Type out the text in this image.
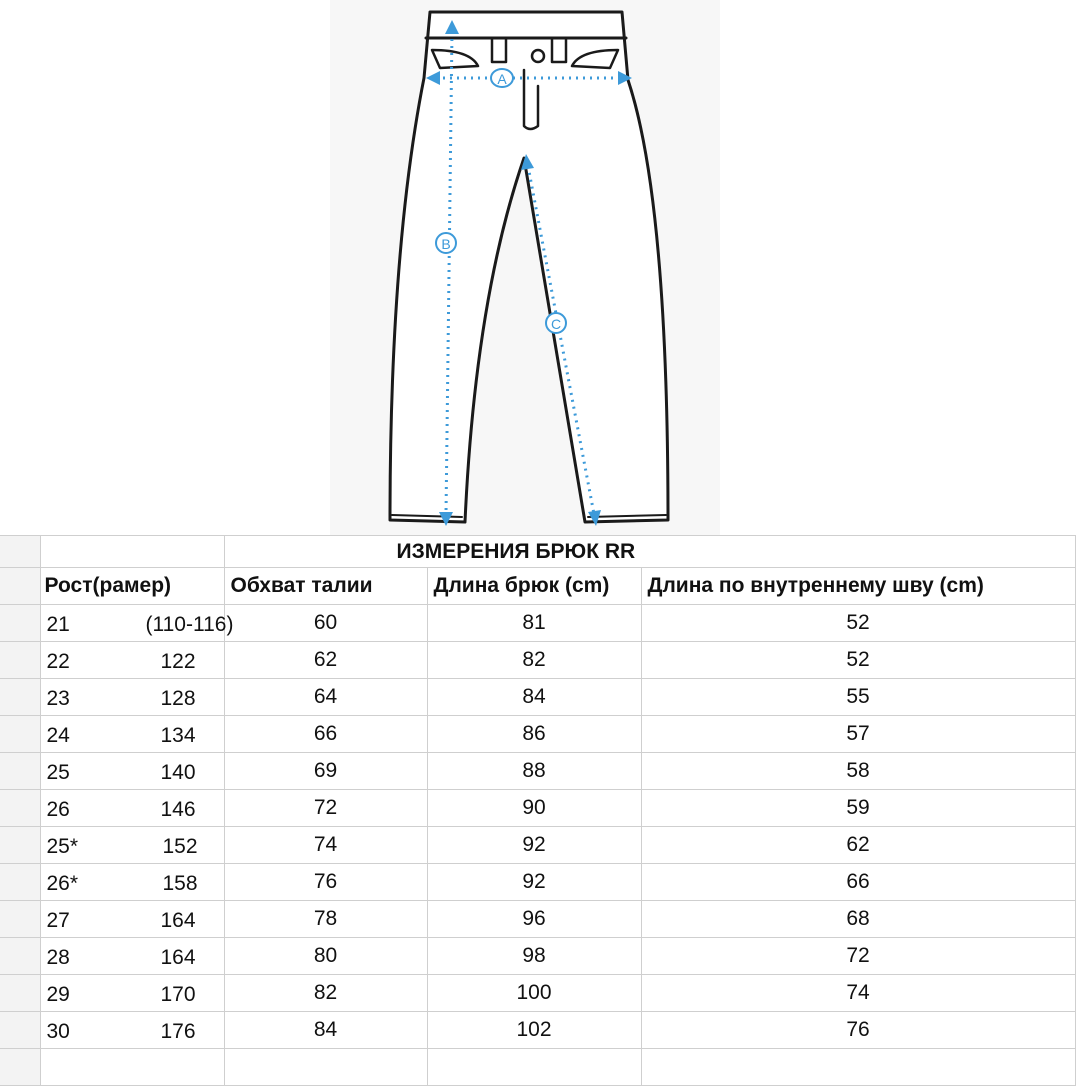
A
B
C
		ИЗМЕРЕНИЯ БРЮК RR		
	Рост(рамер)	Обхват талии	Длина брюк (cm)	Длина по внутреннему шву (cm)

	21 (110-116)	60	81	52

	22 122	62	82	52

	23 128	64	84	55

	24 134	66	86	57

	25 140	69	88	58

	26 146	72	90	59

	25* 152	74	92	62

	26* 158	76	92	66

	27 164	78	96	68

	28 164	80	98	72

	29 170	82	100	74

	30 176	84	102	76
